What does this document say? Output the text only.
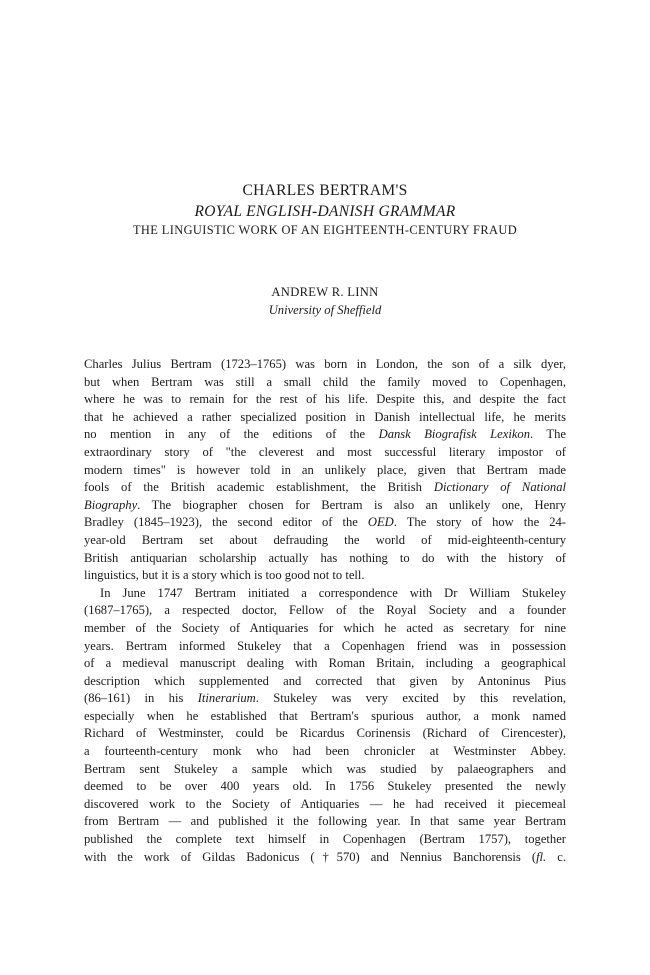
CHARLES BERTRAM'S
ROYAL ENGLISH-DANISH GRAMMAR
THE LINGUISTIC WORK OF AN EIGHTEENTH-CENTURY FRAUD
ANDREW R. LINN
University of Sheffield
Charles Julius Bertram (1723–1765) was born in London, the son of a silk dyer,
but when Bertram was still a small child the family moved to Copenhagen,
where he was to remain for the rest of his life. Despite this, and despite the fact
that he achieved a rather specialized position in Danish intellectual life, he merits
no mention in any of the editions of the Dansk Biografisk Lexikon. The
extraordinary story of "the cleverest and most successful literary impostor of
modern times" is however told in an unlikely place, given that Bertram made
fools of the British academic establishment, the British Dictionary of National
Biography. The biographer chosen for Bertram is also an unlikely one, Henry
Bradley (1845–1923), the second editor of the OED. The story of how the 24-
year-old Bertram set about defrauding the world of mid-eighteenth-century
British antiquarian scholarship actually has nothing to do with the history of
linguistics, but it is a story which is too good not to tell.
In June 1747 Bertram initiated a correspondence with Dr William Stukeley
(1687–1765), a respected doctor, Fellow of the Royal Society and a founder
member of the Society of Antiquaries for which he acted as secretary for nine
years. Bertram informed Stukeley that a Copenhagen friend was in possession
of a medieval manuscript dealing with Roman Britain, including a geographical
description which supplemented and corrected that given by Antoninus Pius
(86–161) in his Itinerarium. Stukeley was very excited by this revelation,
especially when he established that Bertram's spurious author, a monk named
Richard of Westminster, could be Ricardus Corinensis (Richard of Cirencester),
a fourteenth-century monk who had been chronicler at Westminster Abbey.
Bertram sent Stukeley a sample which was studied by palaeographers and
deemed to be over 400 years old. In 1756 Stukeley presented the newly
discovered work to the Society of Antiquaries — he had received it piecemeal
from Bertram — and published it the following year. In that same year Bertram
published the complete text himself in Copenhagen (Bertram 1757), together
with the work of Gildas Badonicus (†570) and Nennius Banchorensis (fl. c.
